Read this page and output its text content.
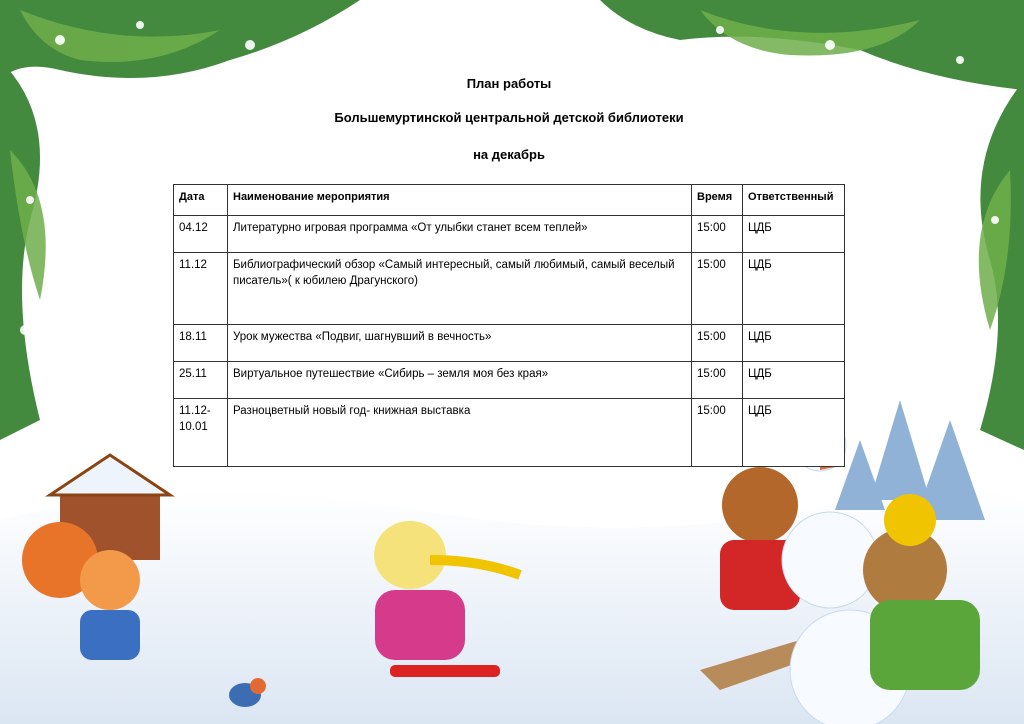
План работы

Большемуртинской центральной детской библиотеки

на декабрь

Дата	Наименование мероприятия	Время	Ответственный
04.12	Литературно игровая программа «От улыбки станет всем теплей»	15:00	ЦДБ
11.12	Библиографический обзор «Самый интересный, самый любимый, самый веселый писатель»( к юбилею Драгунского)	15:00	ЦДБ
18.11	Урок мужества «Подвиг, шагнувший в вечность»	15:00	ЦДБ
25.11	Виртуальное путешествие «Сибирь – земля моя без края»	15:00	ЦДБ
11.12-10.01	Разноцветный новый год- книжная выставка	15:00	ЦДБ
